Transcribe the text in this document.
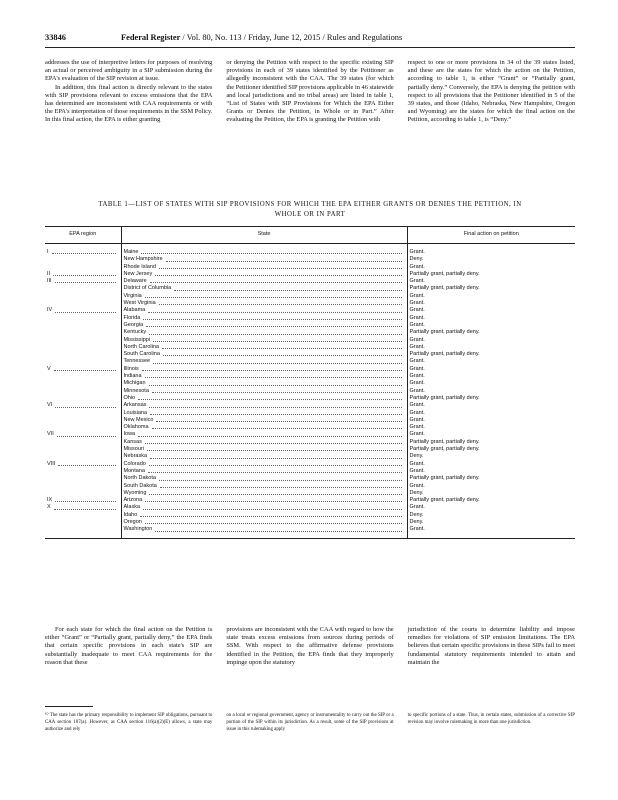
33846	Federal Register / Vol. 80, No. 113 / Friday, June 12, 2015 / Rules and Regulations

addresses the use of interpretive letters for purposes of resolving an actual or perceived ambiguity in a SIP submission during the EPA's evaluation of the SIP revision at issue.

In addition, this final action is directly relevant to the states with SIP provisions relevant to excess emissions that the EPA has determined are inconsistent with CAA requirements or with the EPA's interpretation of those requirements in the SSM Policy. In this final action, the EPA is either granting

or denying the Petition with respect to the specific existing SIP provisions in each of 39 states identified by the Petitioner as allegedly inconsistent with the CAA. The 39 states (for which the Petitioner identified SIP provisions applicable in 46 statewide and local jurisdictions and no tribal areas) are listed in table 1, “List of States with SIP Provisions for Which the EPA Either Grants or Denies the Petition, in Whole or in Part.” After evaluating the Petition, the EPA is granting the Petition with

respect to one or more provisions in 34 of the 39 states listed, and these are the states for which the action on the Petition, according to table 1, is either “Grant” or “Partially grant, partially deny.” Conversely, the EPA is denying the petition with respect to all provisions that the Petitioner identified in 5 of the 39 states, and those (Idaho, Nebraska, New Hampshire, Oregon and Wyoming) are the states for which the final action on the Petition, according to table 1, is “Deny.”

TABLE 1—LIST OF STATES WITH SIP PROVISIONS FOR WHICH THE EPA EITHER GRANTS OR DENIES THE PETITION, IN
WHOLE OR IN PART
EPA region	State	Final action on petition

I	Maine	Grant.

	New Hampshire	Deny.

	Rhode Island	Grant.

II	New Jersey	Partially grant, partially deny.

III	Delaware	Grant.

	District of Columbia	Partially grant, partially deny.

	Virginia	Grant.

	West Virginia	Grant.

IV	Alabama	Grant.

	Florida	Grant.

	Georgia	Grant.

	Kentucky	Partially grant, partially deny.

	Mississippi	Grant.

	North Carolina	Grant.

	South Carolina	Partially grant, partially deny.

	Tennessee	Grant.

V	Illinois	Grant.

	Indiana	Grant.

	Michigan	Grant.

	Minnesota	Grant.

	Ohio	Partially grant, partially deny.

VI	Arkansas	Grant.

	Louisiana	Grant.

	New Mexico	Grant.

	Oklahoma	Grant.

VII	Iowa	Grant.

	Kansas	Partially grant, partially deny.

	Missouri	Partially grant, partially deny.

	Nebraska	Deny.

VIII	Colorado	Grant.

	Montana	Grant.

	North Dakota	Partially grant, partially deny.

	South Dakota	Grant.

	Wyoming	Deny.

IX	Arizona	Partially grant, partially deny.

X	Alaska	Grant.

	Idaho	Deny.

	Oregon	Deny.

	Washington	Grant.

For each state for which the final action on the Petition is either “Grant” or “Partially grant, partially deny,” the EPA finds that certain specific provisions in each state's SIP are substantially inadequate to meet CAA requirements for the reason that these

provisions are inconsistent with the CAA with regard to how the state treats excess emissions from sources during periods of SSM. With respect to the affirmative defense provisions identified in the Petition, the EPA finds that they improperly impinge upon the statutory

jurisdiction of the courts to determine liability and impose remedies for violations of SIP emission limitations. The EPA believes that certain specific provisions in these SIPs fail to meet fundamental statutory requirements intended to attain and maintain the

¹⁰ The state has the primary responsibility to implement SIP obligations, pursuant to CAA section 107(a). However, as CAA section 116(a)(2)(E) allows, a state may authorize and rely
on a local or regional government, agency or instrumentality to carry out the SIP or a portion of the SIP within its jurisdiction. As a result, some of the SIP provisions at issue in this rulemaking apply
to specific portions of a state. Thus, in certain states, submission of a corrective SIP revision may involve rulemaking in more than one jurisdiction.
